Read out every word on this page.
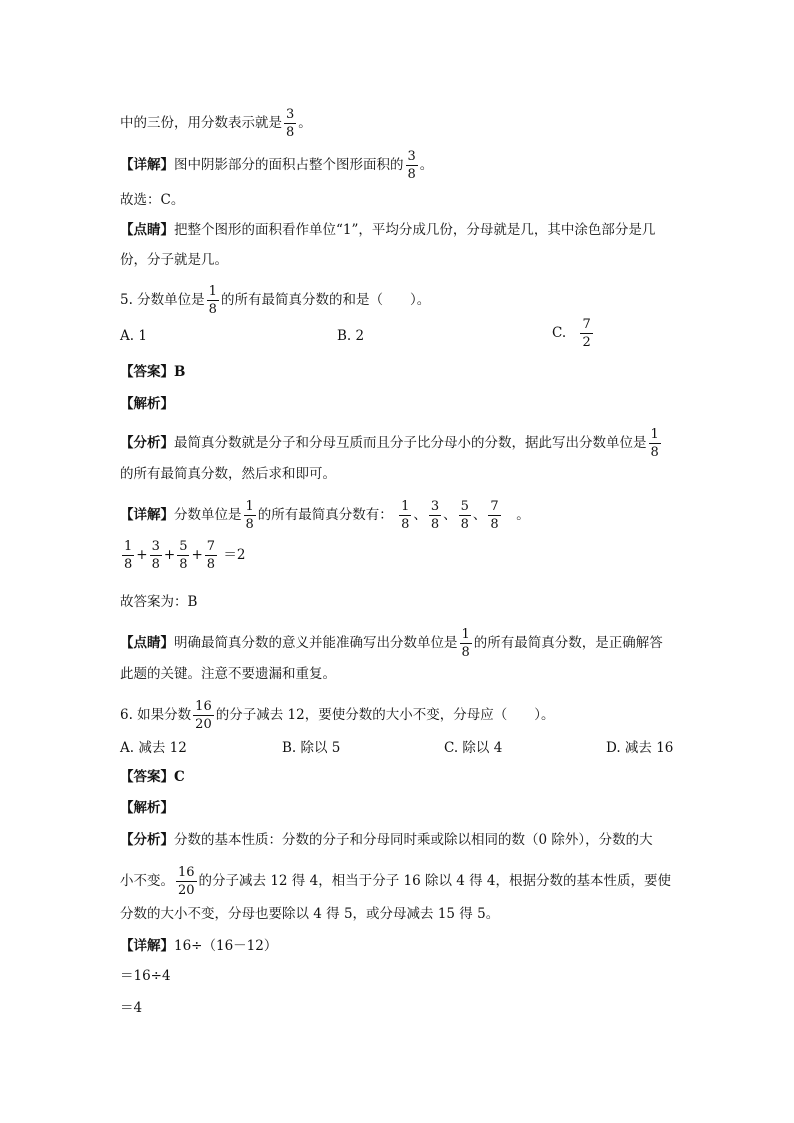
中的三份，用分数表示就是 $\frac{3}{8}$ 。
【详解】图中阴影部分的面积占整个图形面积的 $\frac{3}{8}$ 。
故选：C。
【点睛】把整个图形的面积看作单位“1”，平均分成几份，分母就是几，其中涂色部分是几
份，分子就是几。
5. 分数单位是 $\frac{1}{8}$ 的所有最简真分数的和是（　　）。
A. 1	B. 2	C. $\frac{7}{2}$
【答案】B
【解析】
【分析】最简真分数就是分子和分母互质而且分子比分母小的分数，据此写出分数单位是 $\frac{1}{8}$
的所有最简真分数，然后求和即可。
【详解】分数单位是 $\frac{1}{8}$ 的所有最简真分数有： $\frac{1}{8}$ 、 $\frac{3}{8}$ 、 $\frac{5}{8}$ 、 $\frac{7}{8}$ 　。
$\frac{1}{8} + \frac{3}{8} + \frac{5}{8} + \frac{7}{8} =2$
故答案为：B
【点睛】明确最简真分数的意义并能准确写出分数单位是 $\frac{1}{8}$ 的所有最简真分数，是正确解答
此题的关键。注意不要遗漏和重复。
6. 如果分数 $\frac{16}{20}$ 的分子减去 12，要使分数的大小不变，分母应（　　）。
A. 减去 12	B. 除以 5	C. 除以 4	D. 减去 16
【答案】C
【解析】
【分析】分数的基本性质：分数的分子和分母同时乘或除以相同的数（0 除外），分数的大
小不变。 $\frac{16}{20}$ 的分子减去 12 得 4，相当于分子 16 除以 4 得 4，根据分数的基本性质，要使
分数的大小不变，分母也要除以 4 得 5，或分母减去 15 得 5。
【详解】16÷（16－12）
＝16÷4
＝4
